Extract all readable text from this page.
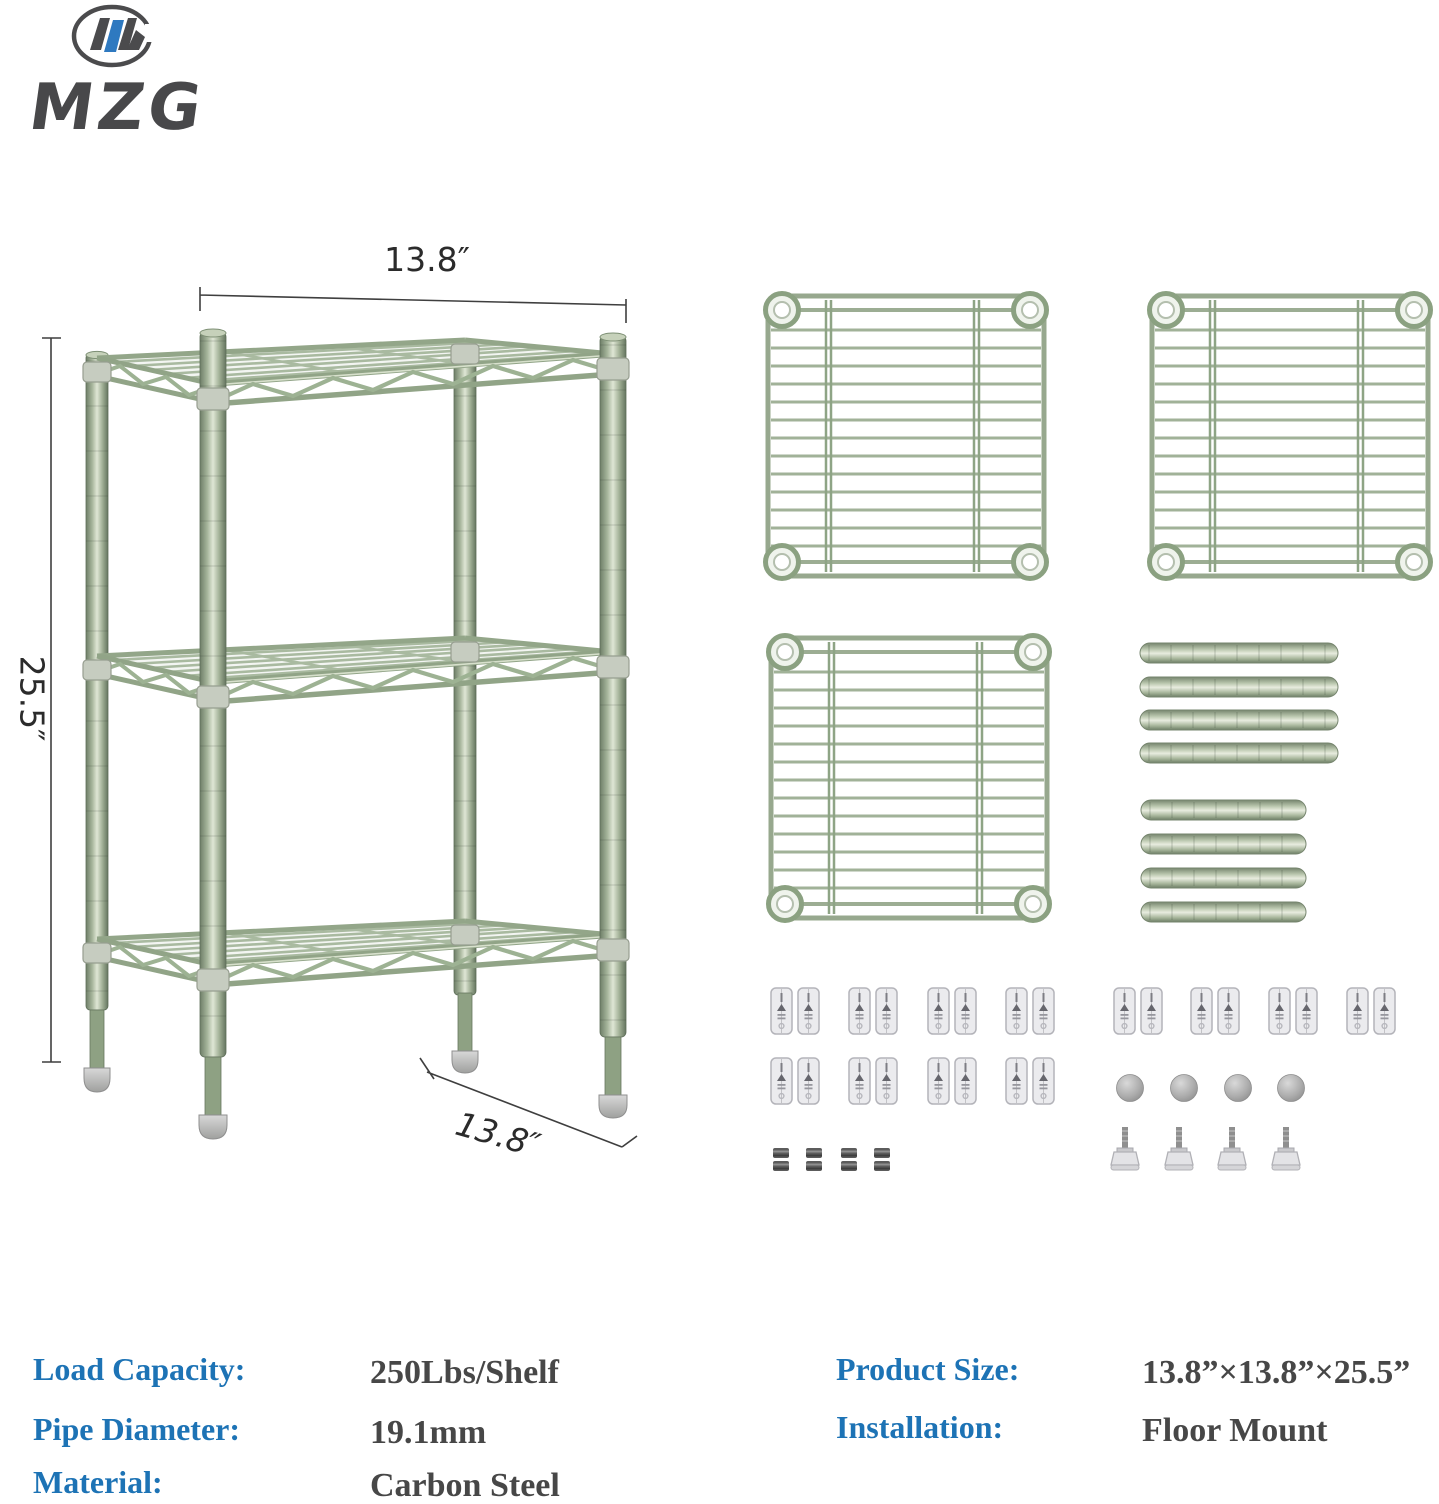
MZG
13.8″
25.5″
13.8″
Load Capacity:	250Lbs/Shelf
Pipe Diameter:	19.1mm
Material:	Carbon Steel
Product Size:	13.8”×13.8”×25.5”
Installation:	Floor Mount
